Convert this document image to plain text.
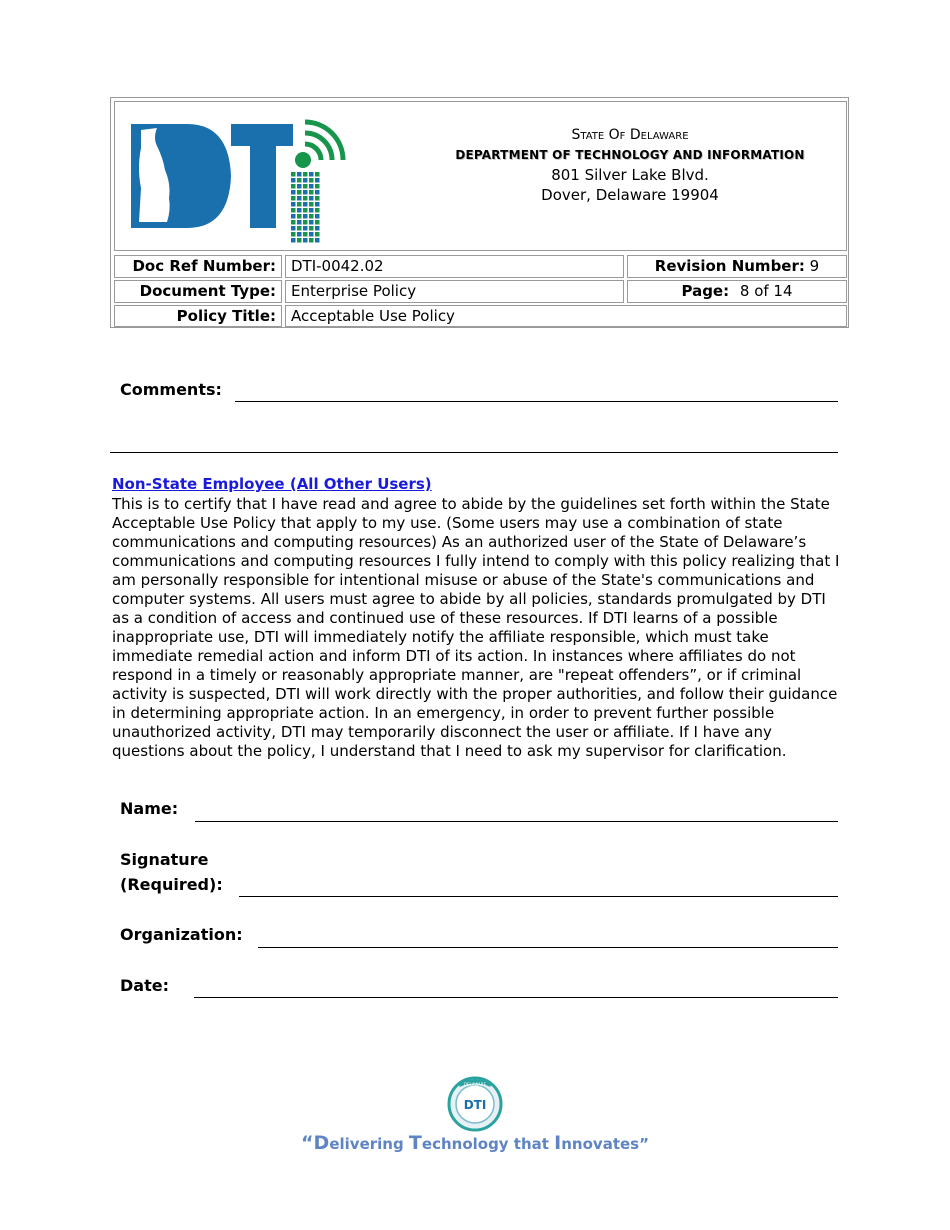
State Of Delaware
DEPARTMENT OF TECHNOLOGY AND INFORMATION
801 Silver Lake Blvd.
Dover, Delaware 19904
Doc Ref Number:	DTI-0042.02	Revision Number: 9
Document Type:	Enterprise Policy	Page: 8 of 14
Policy Title:	Acceptable Use Policy
Comments:
Non-State Employee (All Other Users)

This is to certify that I have read and agree to abide by the guidelines set forth within the State Acceptable Use Policy that apply to my use. (Some users may use a combination of state communications and computing resources) As an authorized user of the State of Delaware’s communications and computing resources I fully intend to comply with this policy realizing that I am personally responsible for intentional misuse or abuse of the State's communications and computer systems. All users must agree to abide by all policies, standards promulgated by DTI as a condition of access and continued use of these resources. If DTI learns of a possible inappropriate use, DTI will immediately notify the affiliate responsible, which must take immediate remedial action and inform DTI of its action. In instances where affiliates do not respond in a timely or reasonably appropriate manner, are "repeat offenders”, or if criminal activity is suspected, DTI will work directly with the proper authorities, and follow their guidance in determining appropriate action. In an emergency, in order to prevent further possible unauthorized activity, DTI may temporarily disconnect the user or affiliate. If I have any questions about the policy, I understand that I need to ask my supervisor for clarification.

Name:
Signature
(Required):
Organization:
Date:
DELAWARE
DTI
“Delivering Technology that Innovates”
